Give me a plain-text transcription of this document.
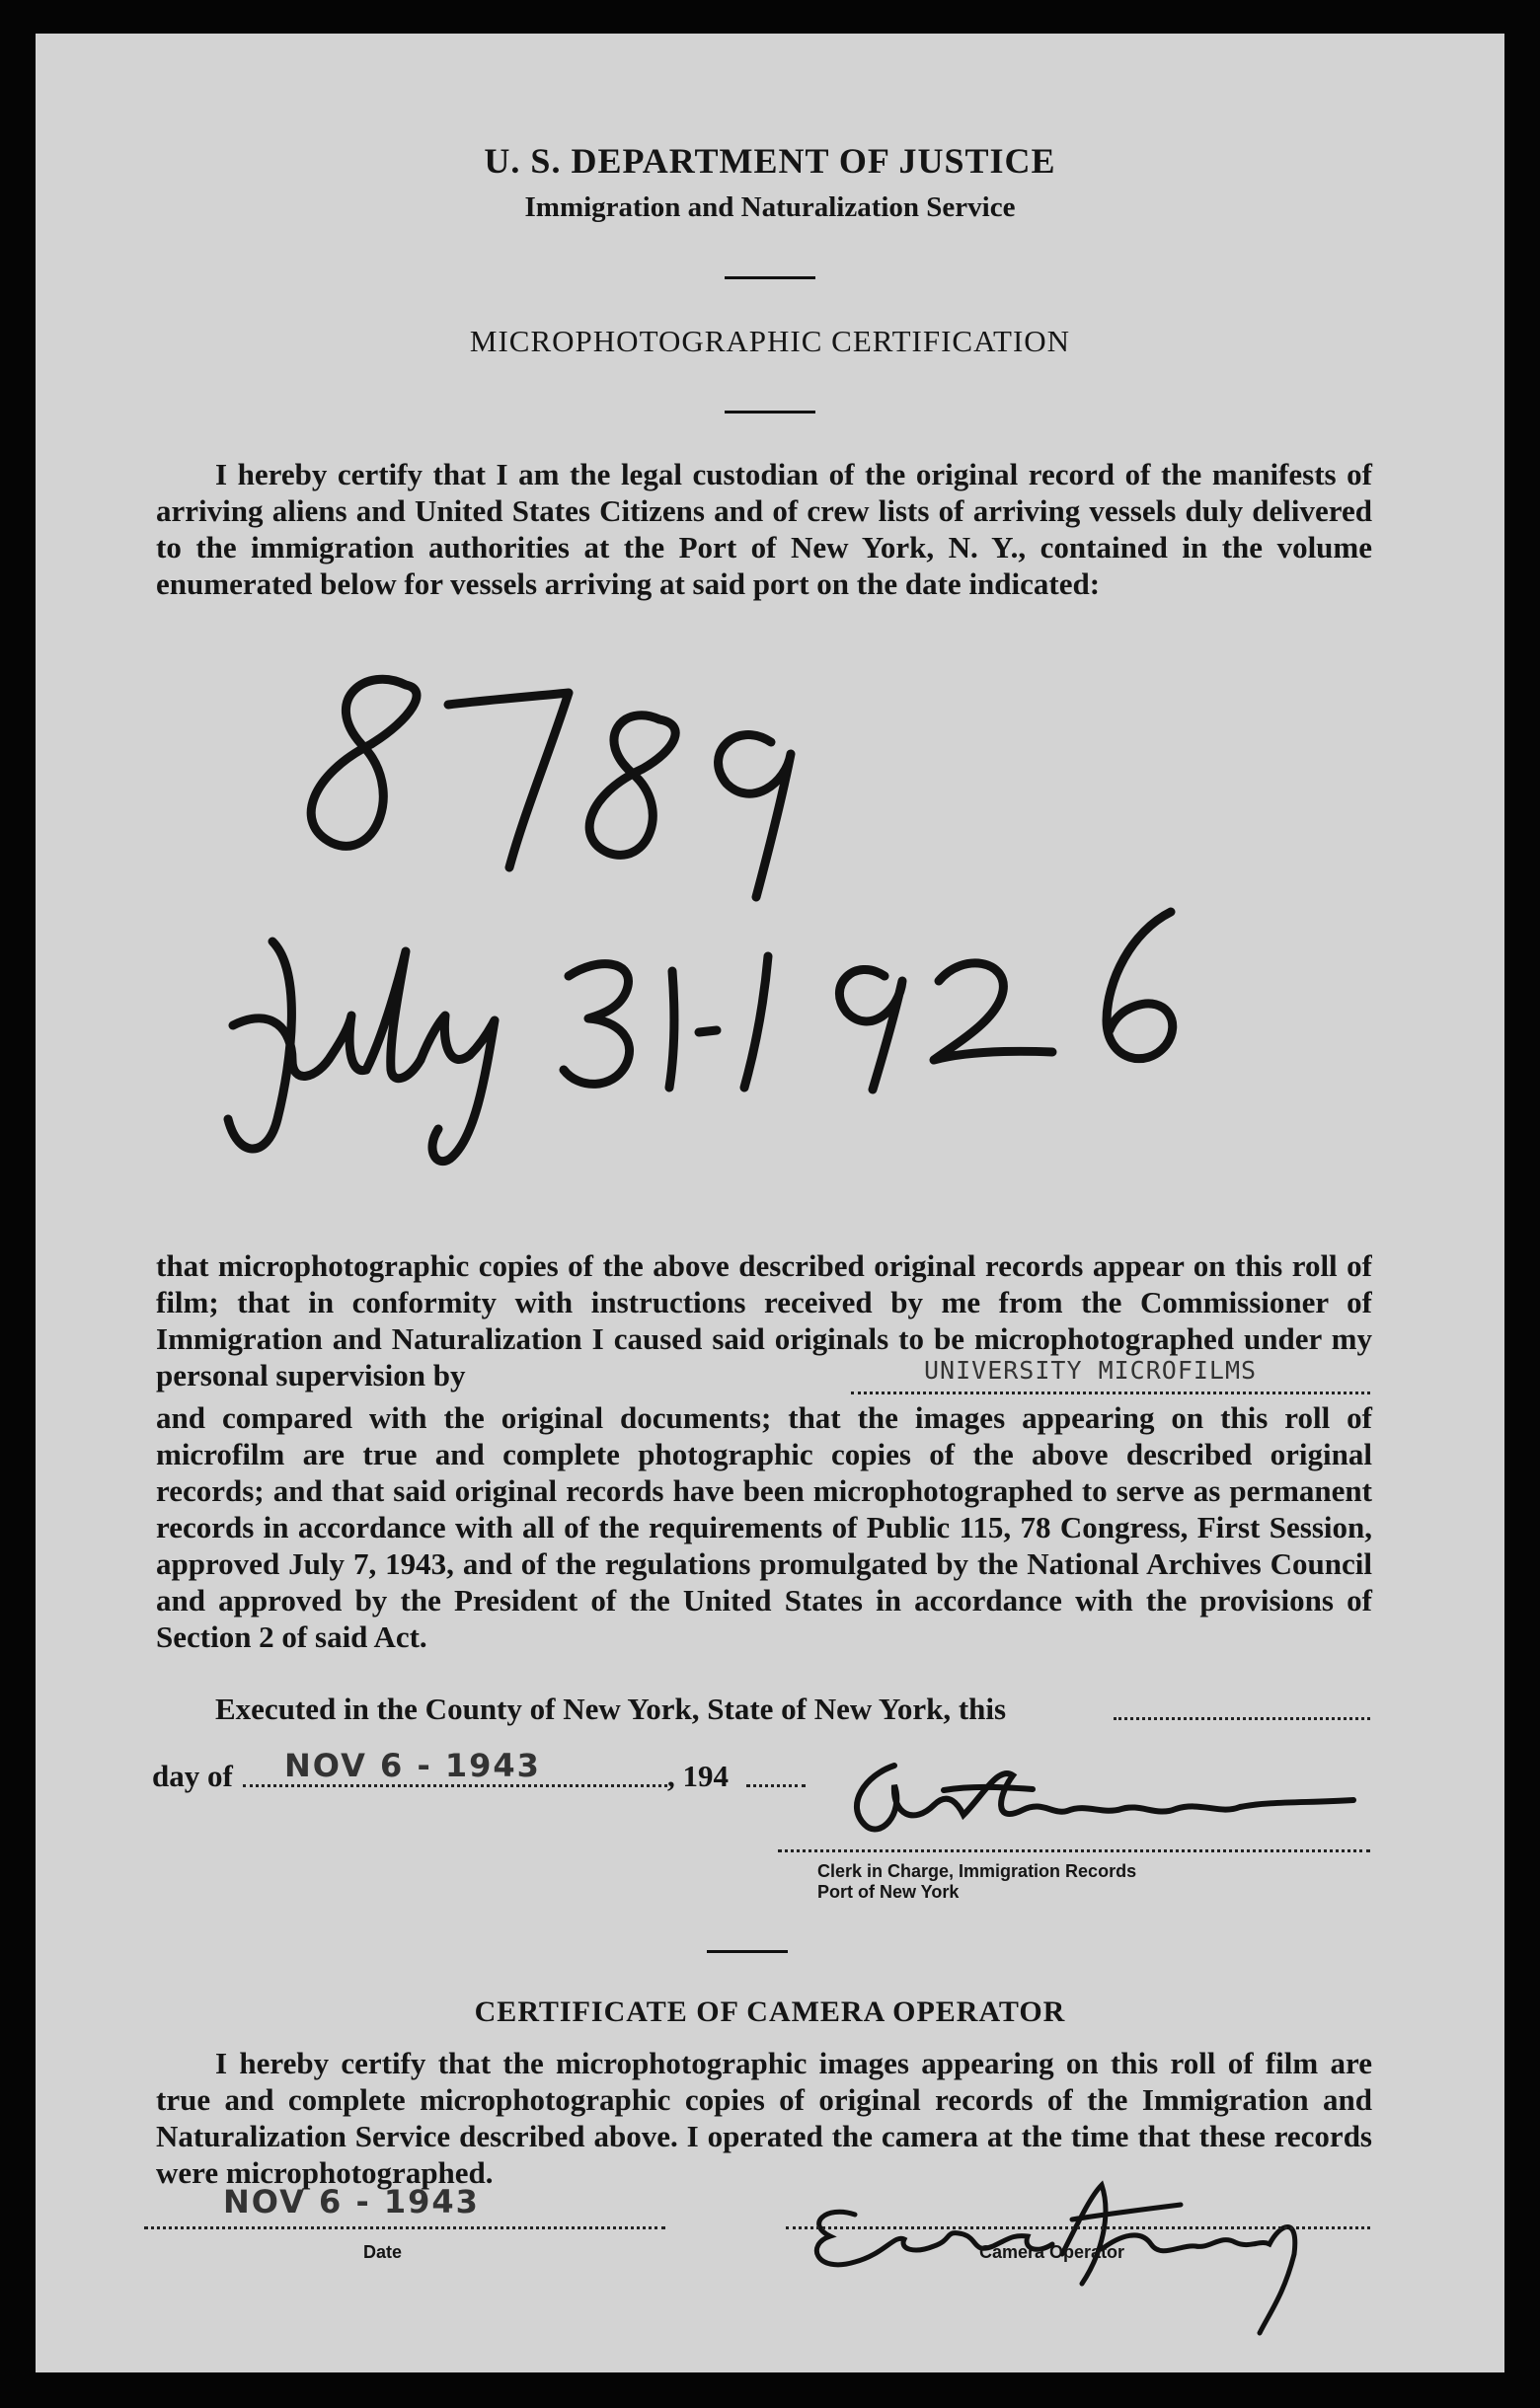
U. S. DEPARTMENT OF JUSTICE
Immigration and Naturalization Service
MICROPHOTOGRAPHIC CERTIFICATION
I hereby certify that I am the legal custodian of the original record of the manifests of arriving aliens and United States Citizens and of crew lists of arriving vessels duly delivered to the immigration authorities at the Port of New York, N. Y., contained in the volume enumerated below for vessels arriving at said port on the date indicated:
that microphotographic copies of the above described original records appear on this roll of film; that in conformity with instructions received by me from the Commissioner of Immigration and Naturalization I caused said originals to be microphotographed under my personal supervision by	UNIVERSITY MICROFILMS
and compared with the original documents; that the images appearing on this roll of microfilm are true and complete photographic copies of the above described original records; and that said original records have been microphotographed to serve as permanent records in accordance with all of the requirements of Public 115, 78 Congress, First Session, approved July 7, 1943, and of the regulations promulgated by the National Archives Council and approved by the President of the United States in accordance with the provisions of Section 2 of said Act.
Executed in the County of New York, State of New York, this
day of NOV 6 - 1943	, 194
Clerk in Charge, Immigration Records
Port of New York
CERTIFICATE OF CAMERA OPERATOR
I hereby certify that the microphotographic images appearing on this roll of film are true and complete microphotographic copies of original records of the Immigration and Naturalization Service described above. I operated the camera at the time that these records were microphotographed.
NOV 6 - 1943
Date	Camera Operator
